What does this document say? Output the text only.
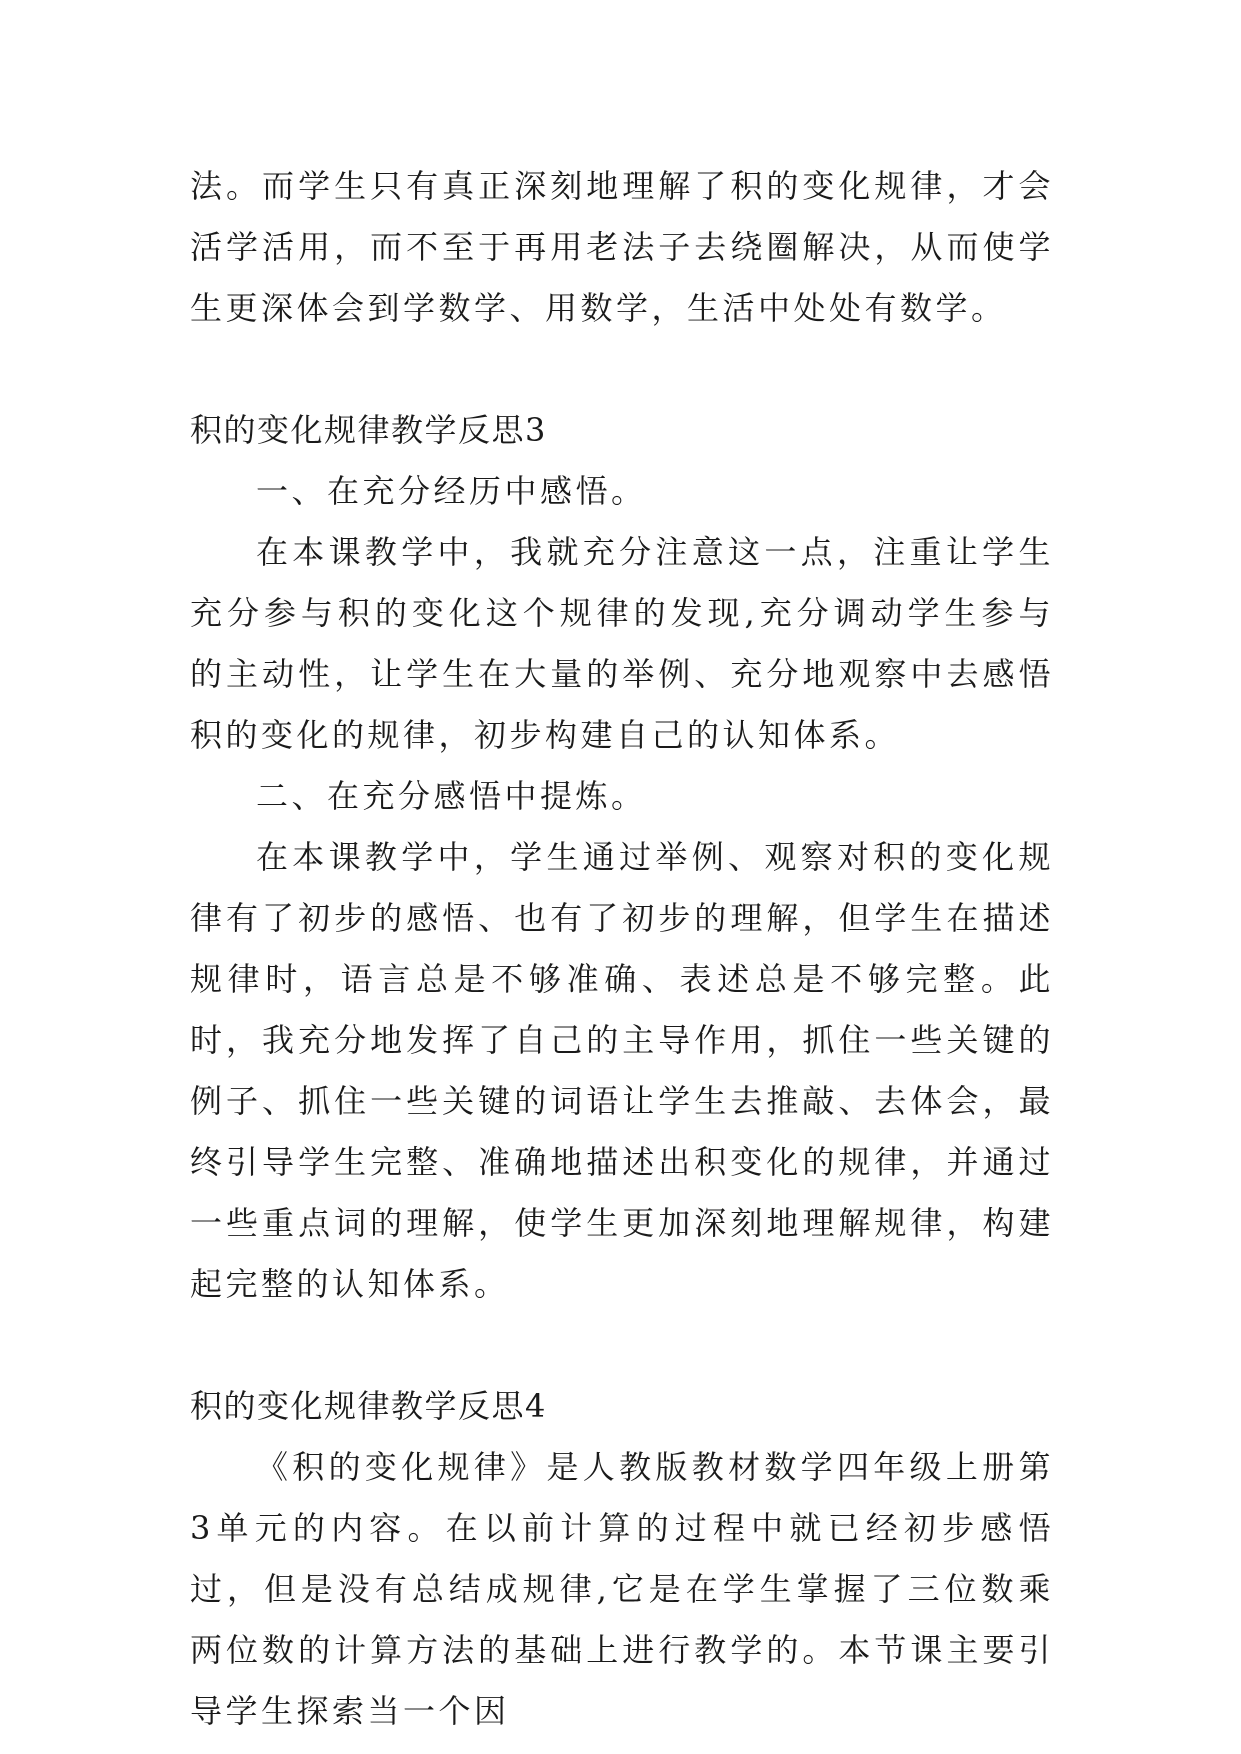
法。而学生只有真正深刻地理解了积的变化规律，才会活学活用，而不至于再用老法子去绕圈解决，从而使学生更深体会到学数学、用数学，生活中处处有数学。

积的变化规律教学反思3

一、在充分经历中感悟。

在本课教学中，我就充分注意这一点，注重让学生充分参与积的变化这个规律的发现,充分调动学生参与的主动性，让学生在大量的举例、充分地观察中去感悟积的变化的规律，初步构建自己的认知体系。

二、在充分感悟中提炼。

在本课教学中，学生通过举例、观察对积的变化规律有了初步的感悟、也有了初步的理解，但学生在描述规律时，语言总是不够准确、表述总是不够完整。此时，我充分地发挥了自己的主导作用，抓住一些关键的例子、抓住一些关键的词语让学生去推敲、去体会，最终引导学生完整、准确地描述出积变化的规律，并通过一些重点词的理解，使学生更加深刻地理解规律，构建起完整的认知体系。

积的变化规律教学反思4

《积的变化规律》是人教版教材数学四年级上册第3单元的内容。在以前计算的过程中就已经初步感悟过，但是没有总结成规律,它是在学生掌握了三位数乘两位数的计算方法的基础上进行教学的。本节课主要引导学生探索当一个因
